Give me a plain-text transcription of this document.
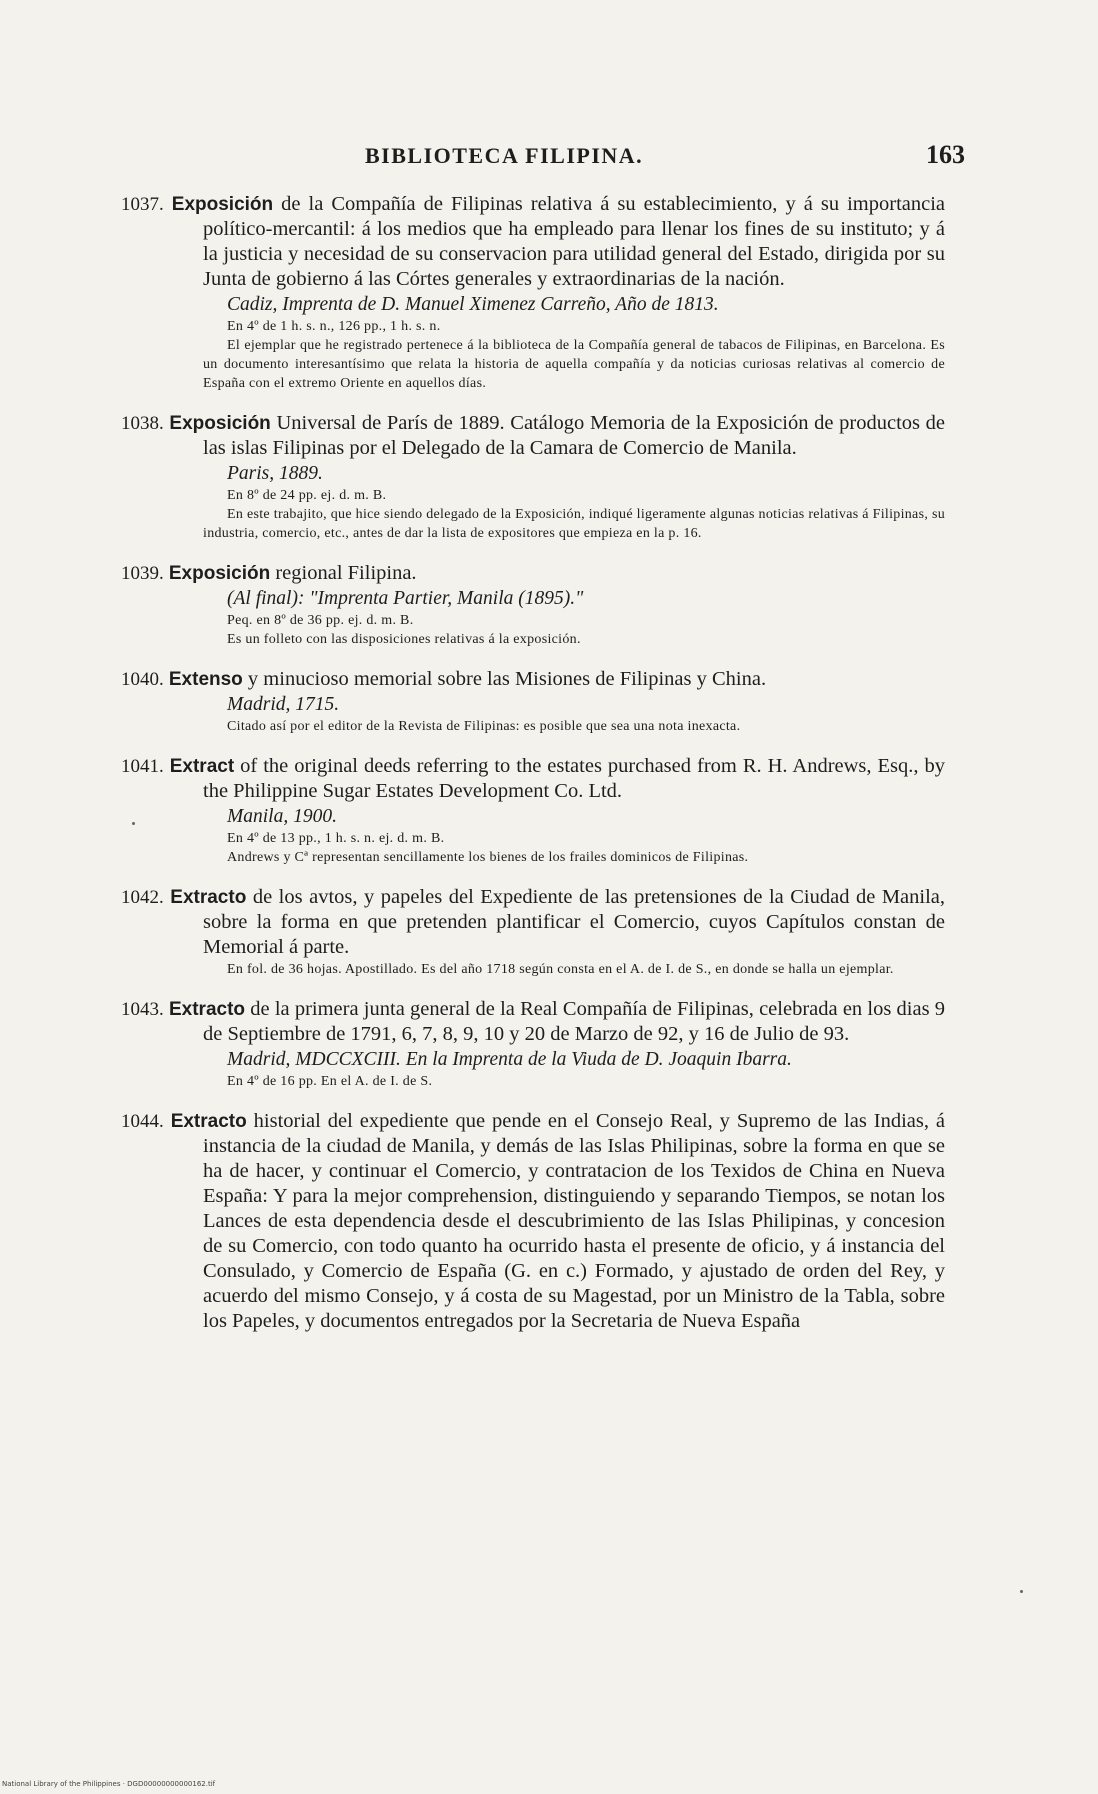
BIBLIOTECA FILIPINA.	163
1037. Exposición de la Compañía de Filipinas relativa á su establecimiento, y á su importancia político-mercantil: á los medios que ha empleado para llenar los fines de su instituto; y á la justicia y necesidad de su conservacion para utilidad general del Estado, dirigida por su Junta de gobierno á las Córtes generales y extraordinarias de la nación.
Cadiz, Imprenta de D. Manuel Ximenez Carreño, Año de 1813.
En 4º de 1 h. s. n., 126 pp., 1 h. s. n.
El ejemplar que he registrado pertenece á la biblioteca de la Compañía general de tabacos de Filipinas, en Barcelona. Es un documento interesantísimo que relata la historia de aquella compañía y da noticias curiosas relativas al comercio de España con el extremo Oriente en aquellos días.
1038. Exposición Universal de París de 1889. Catálogo Memoria de la Exposición de productos de las islas Filipinas por el Delegado de la Camara de Comercio de Manila.
Paris, 1889.
En 8º de 24 pp. ej. d. m. B.
En este trabajito, que hice siendo delegado de la Exposición, indiqué ligeramente algunas noticias relativas á Filipinas, su industria, comercio, etc., antes de dar la lista de expositores que empieza en la p. 16.
1039. Exposición regional Filipina.
(Al final): "Imprenta Partier, Manila (1895)."
Peq. en 8º de 36 pp. ej. d. m. B.
Es un folleto con las disposiciones relativas á la exposición.
1040. Extenso y minucioso memorial sobre las Misiones de Filipinas y China.
Madrid, 1715.
Citado así por el editor de la Revista de Filipinas: es posible que sea una nota inexacta.
1041. Extract of the original deeds referring to the estates purchased from R. H. Andrews, Esq., by the Philippine Sugar Estates Development Co. Ltd.
Manila, 1900.
En 4º de 13 pp., 1 h. s. n. ej. d. m. B.
Andrews y Cª representan sencillamente los bienes de los frailes dominicos de Filipinas.
1042. Extracto de los avtos, y papeles del Expediente de las pretensiones de la Ciudad de Manila, sobre la forma en que pretenden plantificar el Comercio, cuyos Capítulos constan de Memorial á parte.
En fol. de 36 hojas. Apostillado. Es del año 1718 según consta en el A. de I. de S., en donde se halla un ejemplar.
1043. Extracto de la primera junta general de la Real Compañía de Filipinas, celebrada en los dias 9 de Septiembre de 1791, 6, 7, 8, 9, 10 y 20 de Marzo de 92, y 16 de Julio de 93.
Madrid, MDCCXCIII. En la Imprenta de la Viuda de D. Joaquin Ibarra.
En 4º de 16 pp. En el A. de I. de S.
1044. Extracto historial del expediente que pende en el Consejo Real, y Supremo de las Indias, á instancia de la ciudad de Manila, y demás de las Islas Philipinas, sobre la forma en que se ha de hacer, y continuar el Comercio, y contratacion de los Texidos de China en Nueva España: Y para la mejor comprehension, distinguiendo y separando Tiempos, se notan los Lances de esta dependencia desde el descubrimiento de las Islas Philipinas, y concesion de su Comercio, con todo quanto ha ocurrido hasta el presente de oficio, y á instancia del Consulado, y Comercio de España (G. en c.) Formado, y ajustado de orden del Rey, y acuerdo del mismo Consejo, y á costa de su Magestad, por un Ministro de la Tabla, sobre los Papeles, y documentos entregados por la Secretaria de Nueva España
National Library of the Philippines · DGD00000000000162.tif
